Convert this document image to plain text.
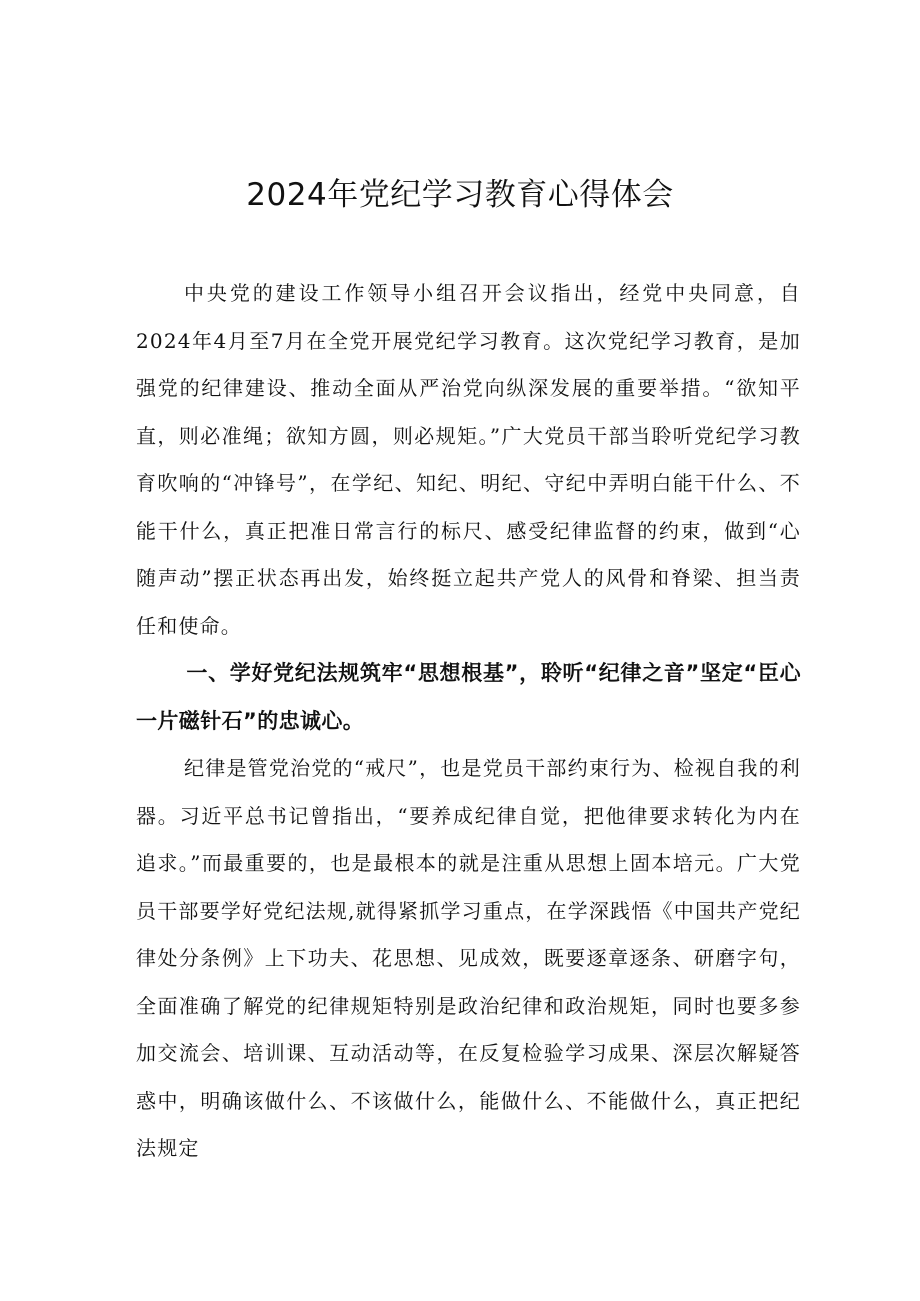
2024年党纪学习教育心得体会

中央党的建设工作领导小组召开会议指出，经党中央同意，自2024年4月至7月在全党开展党纪学习教育。这次党纪学习教育，是加强党的纪律建设、推动全面从严治党向纵深发展的重要举措。“欲知平直，则必准绳；欲知方圆，则必规矩。”广大党员干部当聆听党纪学习教育吹响的“冲锋号”，在学纪、知纪、明纪、守纪中弄明白能干什么、不能干什么，真正把准日常言行的标尺、感受纪律监督的约束，做到“心随声动”摆正状态再出发，始终挺立起共产党人的风骨和脊梁、担当责任和使命。

一、学好党纪法规筑牢“思想根基”，聆听“纪律之音”坚定“臣心一片磁针石”的忠诚心。

纪律是管党治党的“戒尺”，也是党员干部约束行为、检视自我的利器。习近平总书记曾指出，“要养成纪律自觉，把他律要求转化为内在追求。”而最重要的，也是最根本的就是注重从思想上固本培元。广大党员干部要学好党纪法规,就得紧抓学习重点，在学深践悟《中国共产党纪律处分条例》上下功夫、花思想、见成效，既要逐章逐条、研磨字句，全面准确了解党的纪律规矩特别是政治纪律和政治规矩，同时也要多参加交流会、培训课、互动活动等，在反复检验学习成果、深层次解疑答惑中，明确该做什么、不该做什么，能做什么、不能做什么，真正把纪法规定
